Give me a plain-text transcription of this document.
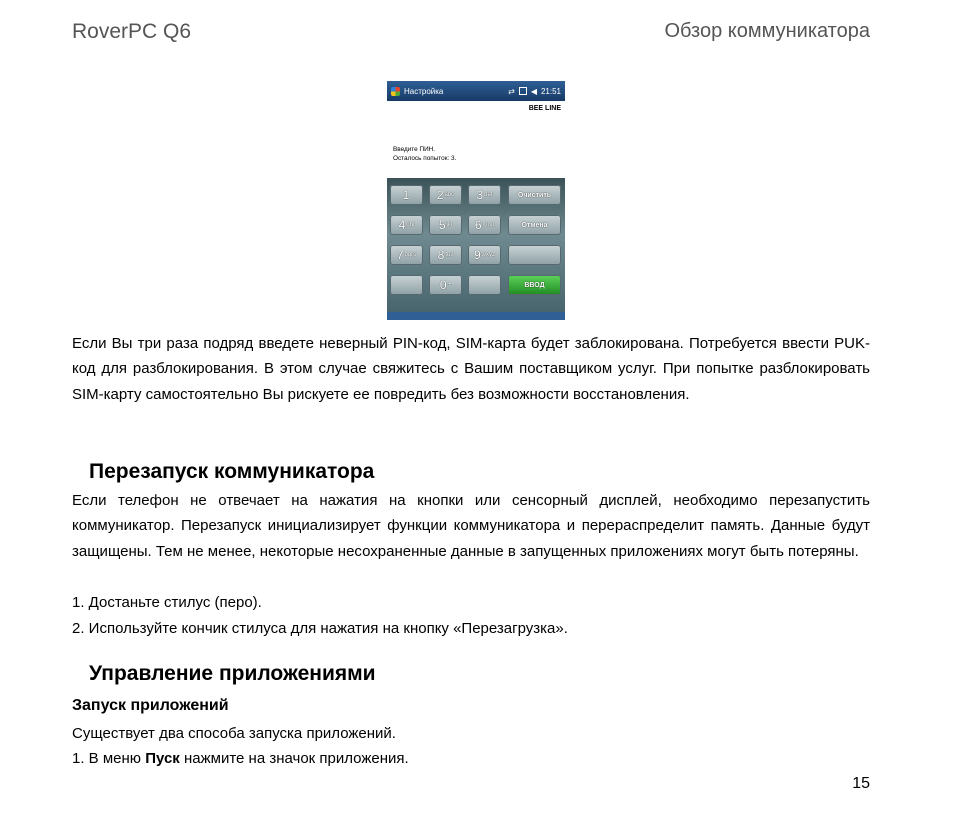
RoverPC Q6	Обзор коммуникатора
Настройка	⇄ ◀ 21:51
BEE LINE
Введите ПИН.
Осталось попыток: 3.
1 2 abc 3 def	Очистить
4 ghi 5 jkl 6 mno	Отмена
7 pqrs 8 tuv 9 wxyz
0 +	ВВОД
Если Вы три раза подряд введете неверный PIN-код, SIM-карта будет заблокирована. Потребуется ввести PUK-код для разблокирования. В этом случае свяжитесь с Вашим поставщиком услуг. При попытке разблокировать SIM-карту самостоятельно Вы рискуете ее повредить без возможности восстановления.
Перезапуск коммуникатора
Если телефон не отвечает на нажатия на кнопки или сенсорный дисплей, необходимо перезапустить коммуникатор. Перезапуск инициализирует функции коммуникатора и перераспределит память. Данные будут защищены. Тем не менее, некоторые несохраненные данные в запущенных приложениях могут быть потеряны.
1. Достаньте стилус (перо).
2. Используйте кончик стилуса для нажатия на кнопку «Перезагрузка».
Управление приложениями
Запуск приложений
Существует два способа запуска приложений.
1. В меню Пуск нажмите на значок приложения.
15
